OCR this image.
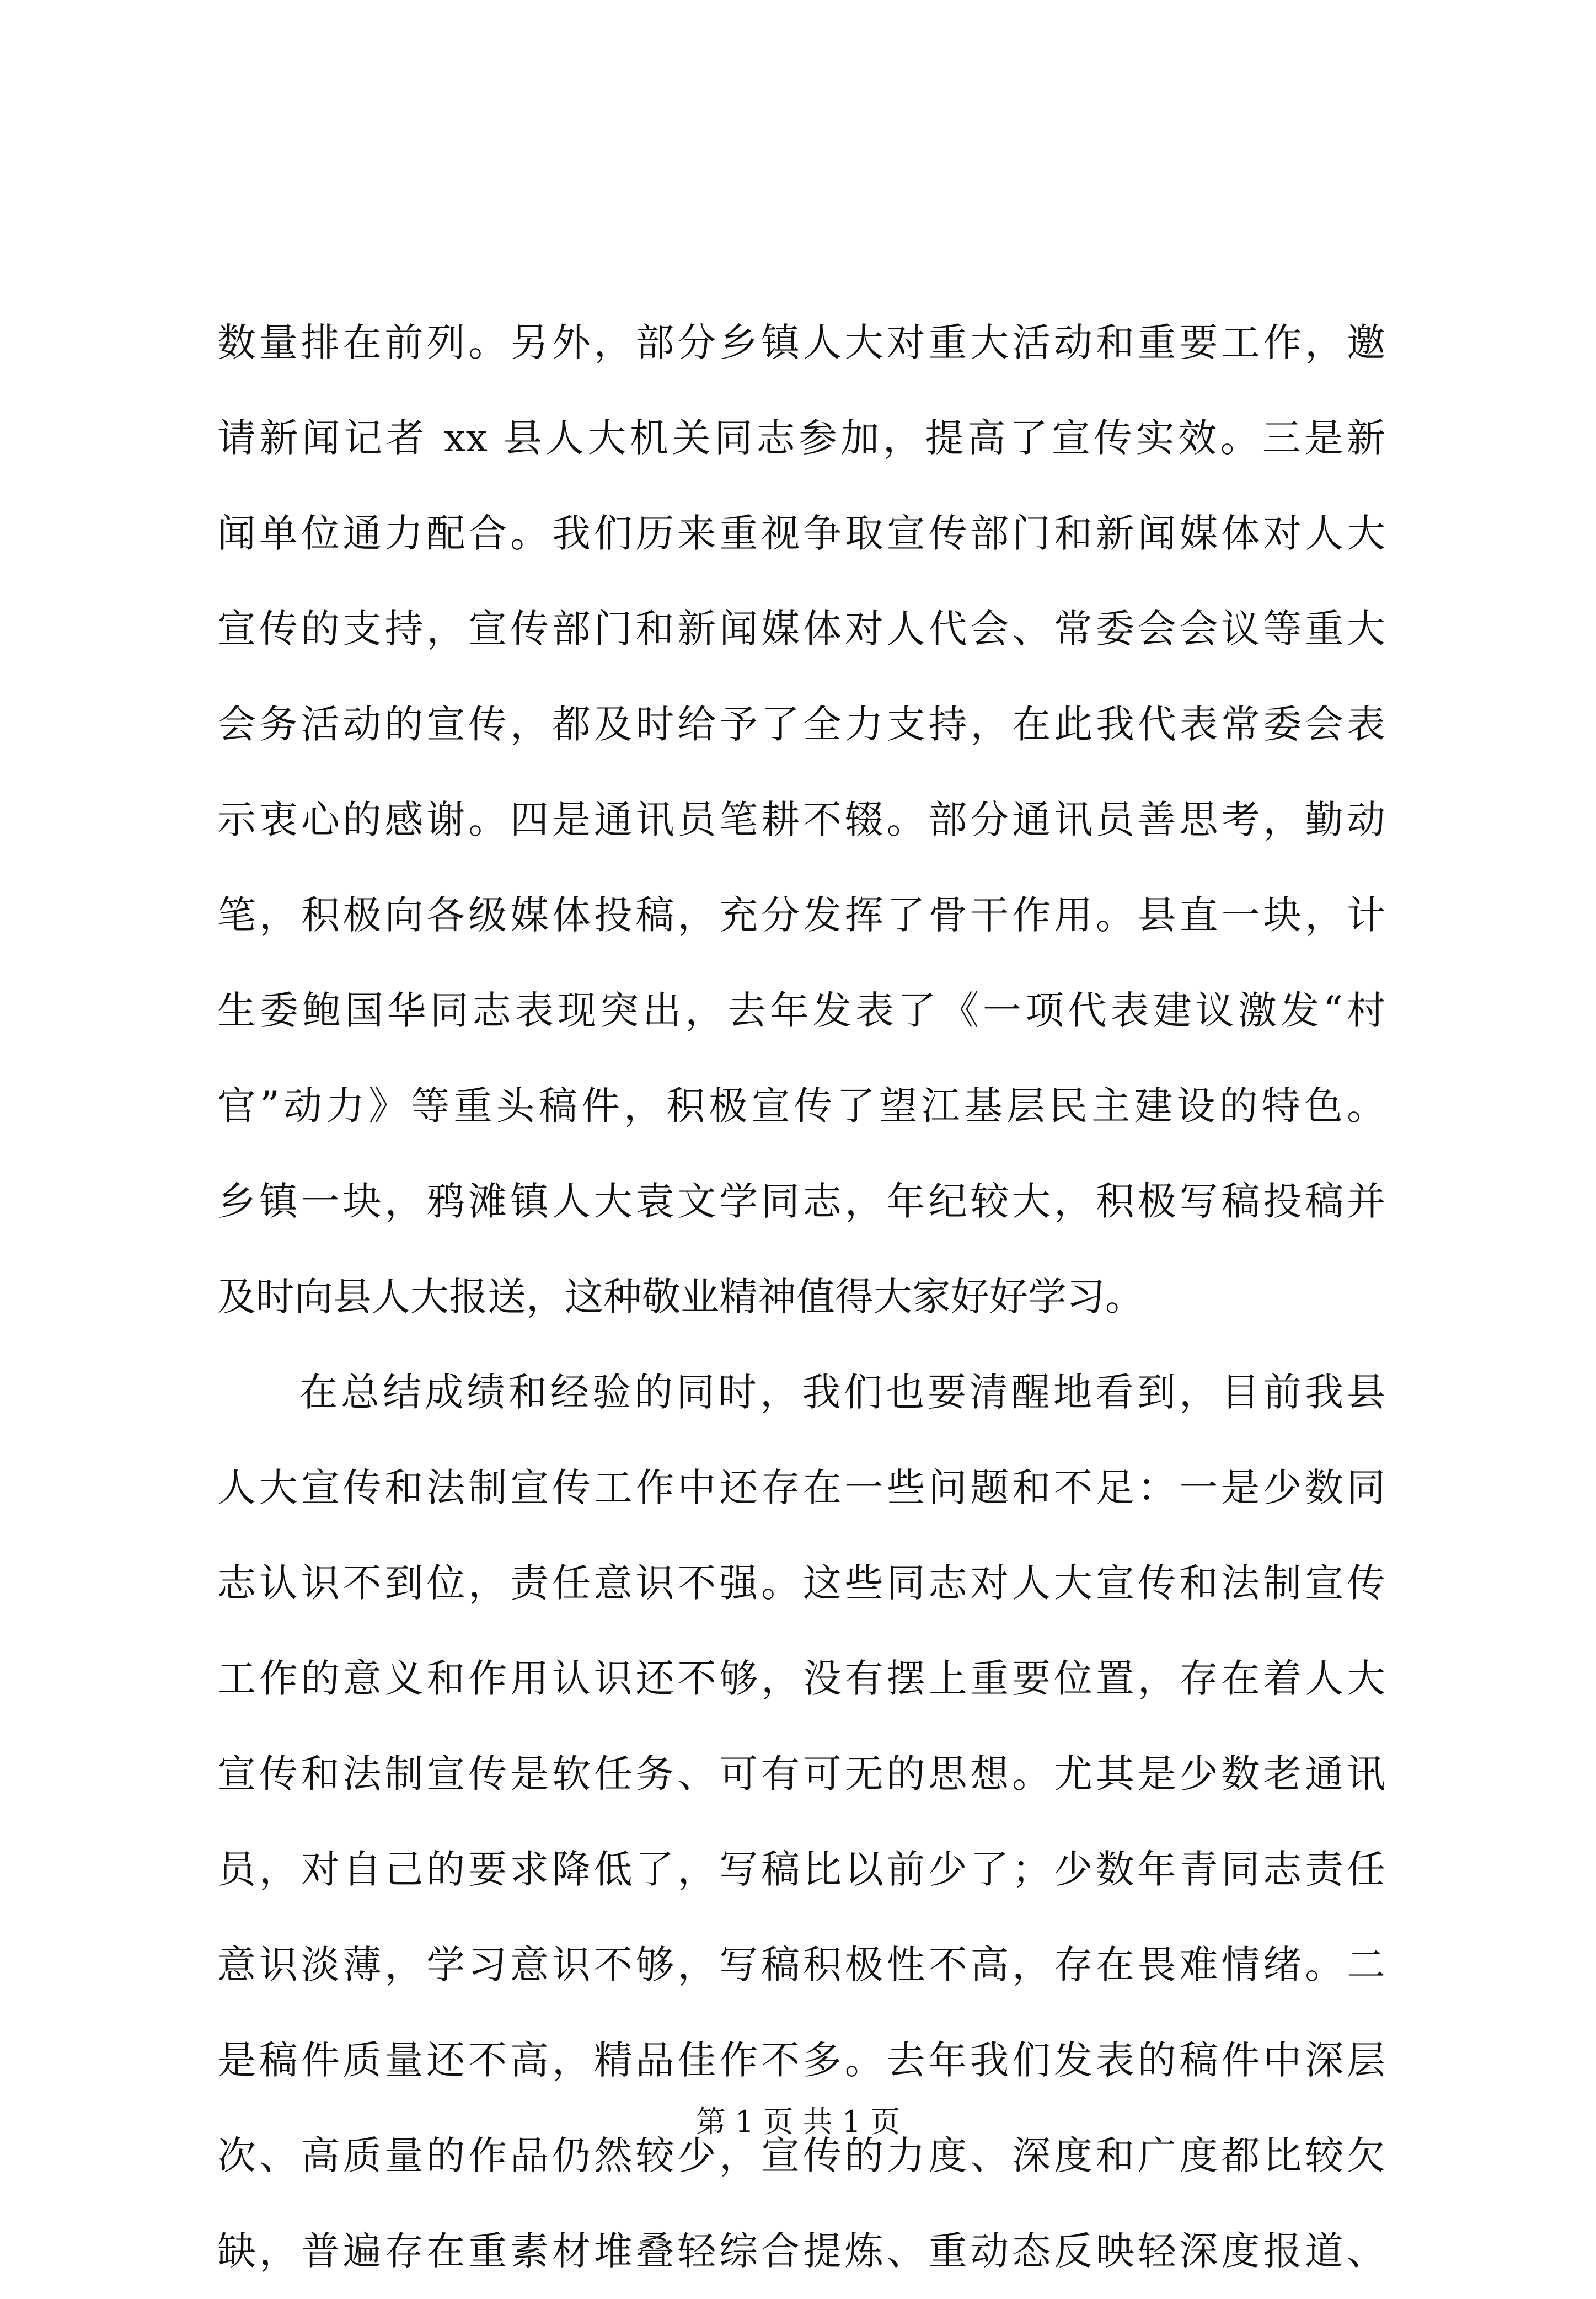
数量排在前列。另外，部分乡镇人大对重大活动和重要工作，邀
请新闻记者 xx 县人大机关同志参加，提高了宣传实效。三是新
闻单位通力配合。我们历来重视争取宣传部门和新闻媒体对人大
宣传的支持，宣传部门和新闻媒体对人代会、常委会会议等重大
会务活动的宣传，都及时给予了全力支持，在此我代表常委会表
示衷心的感谢。四是通讯员笔耕不辍。部分通讯员善思考，勤动
笔，积极向各级媒体投稿，充分发挥了骨干作用。县直一块，计
生委鲍国华同志表现突出，去年发表了《一项代表建议激发“村
官”动力》等重头稿件，积极宣传了望江基层民主建设的特色。
乡镇一块，鸦滩镇人大袁文学同志，年纪较大，积极写稿投稿并
及时向县人大报送，这种敬业精神值得大家好好学习。
在总结成绩和经验的同时，我们也要清醒地看到，目前我县
人大宣传和法制宣传工作中还存在一些问题和不足：一是少数同
志认识不到位，责任意识不强。这些同志对人大宣传和法制宣传
工作的意义和作用认识还不够，没有摆上重要位置，存在着人大
宣传和法制宣传是软任务、可有可无的思想。尤其是少数老通讯
员，对自己的要求降低了，写稿比以前少了；少数年青同志责任
意识淡薄，学习意识不够，写稿积极性不高，存在畏难情绪。二
是稿件质量还不高，精品佳作不多。去年我们发表的稿件中深层
次、高质量的作品仍然较少，宣传的力度、深度和广度都比较欠
缺，普遍存在重素材堆叠轻综合提炼、重动态反映轻深度报道、
第 1 页 共 1 页
